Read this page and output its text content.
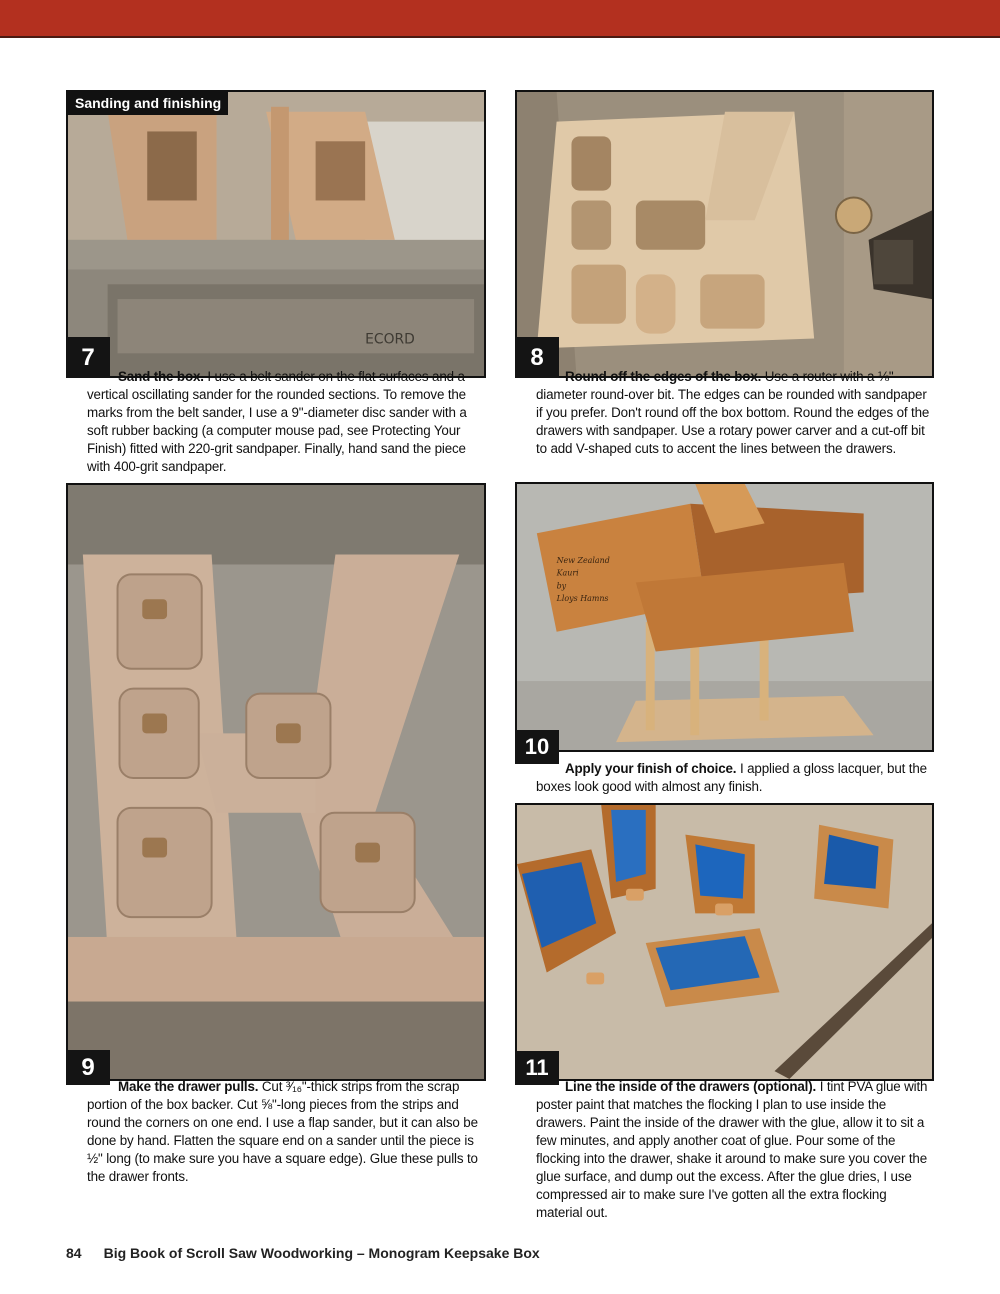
ECORD
Sanding and finishing
7
Sand the box. I use a belt sander on the flat surfaces and a vertical oscillating sander for the rounded sections. To remove the marks from the belt sander, I use a 9"-diameter disc sander with a soft rubber backing (a computer mouse pad, see Protecting Your Finish) fitted with 220-grit sandpaper. Finally, hand sand the piece with 400-grit sandpaper.
8
Round off the edges of the box. Use a router with a ⅛"-diameter round-over bit. The edges can be rounded with sandpaper if you prefer. Don't round off the box bottom. Round the edges of the drawers with sandpaper. Use a rotary power carver and a cut-off bit to add V-shaped cuts to accent the lines between the drawers.
9
Make the drawer pulls. Cut ³⁄₁₆"-thick strips from the scrap portion of the box backer. Cut ⅝"-long pieces from the strips and round the corners on one end. I use a flap sander, but it can also be done by hand. Flatten the square end on a sander until the piece is ½" long (to make sure you have a square edge). Glue these pulls to the drawer fronts.
New Zealand
Kauri
by
Lloys Hamns
10
Apply your finish of choice. I applied a gloss lacquer, but the boxes look good with almost any finish.
11
Line the inside of the drawers (optional). I tint PVA glue with poster paint that matches the flocking I plan to use inside the drawers. Paint the inside of the drawer with the glue, allow it to sit a few minutes, and apply another coat of glue. Pour some of the flocking into the drawer, shake it around to make sure you cover the glue surface, and dump out the excess. After the glue dries, I use compressed air to make sure I've gotten all the extra flocking material out.
84 Big Book of Scroll Saw Woodworking – Monogram Keepsake Box
